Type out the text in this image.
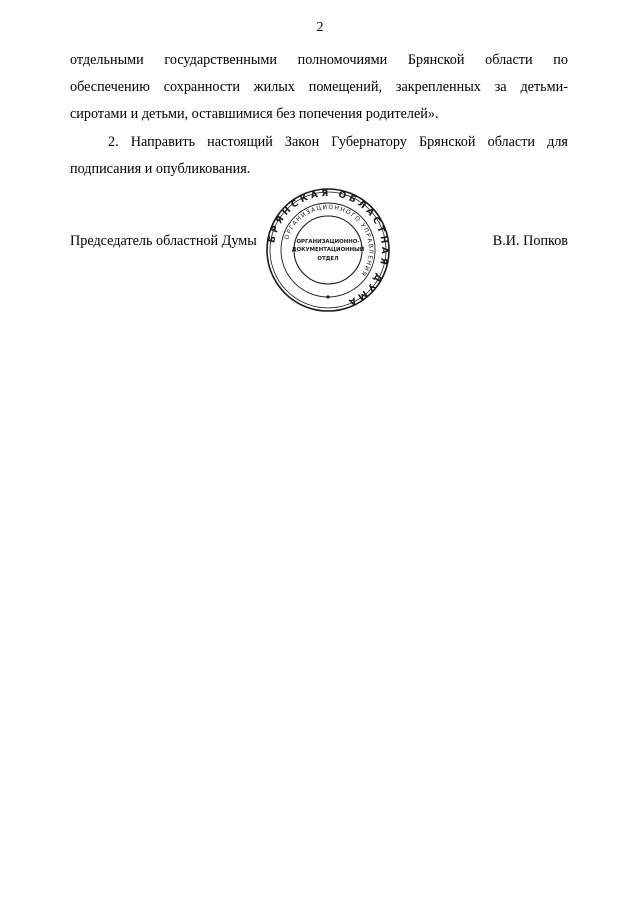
2
отдельными государственными полномочиями Брянской области по
обеспечению сохранности жилых помещений, закрепленных за детьми-
сиротами и детьми, оставшимися без попечения родителей».
2. Направить настоящий Закон Губернатору Брянской области для
подписания и опубликования.
Председатель областной Думы	В.И. Попков
БРЯНСКАЯ ОБЛАСТНАЯ ДУМА
ОРГАНИЗАЦИОННОГО УПРАВЛЕНИЯ
ОРГАНИЗАЦИОННО-
ДОКУМЕНТАЦИОННЫЙ
ОТДЕЛ
